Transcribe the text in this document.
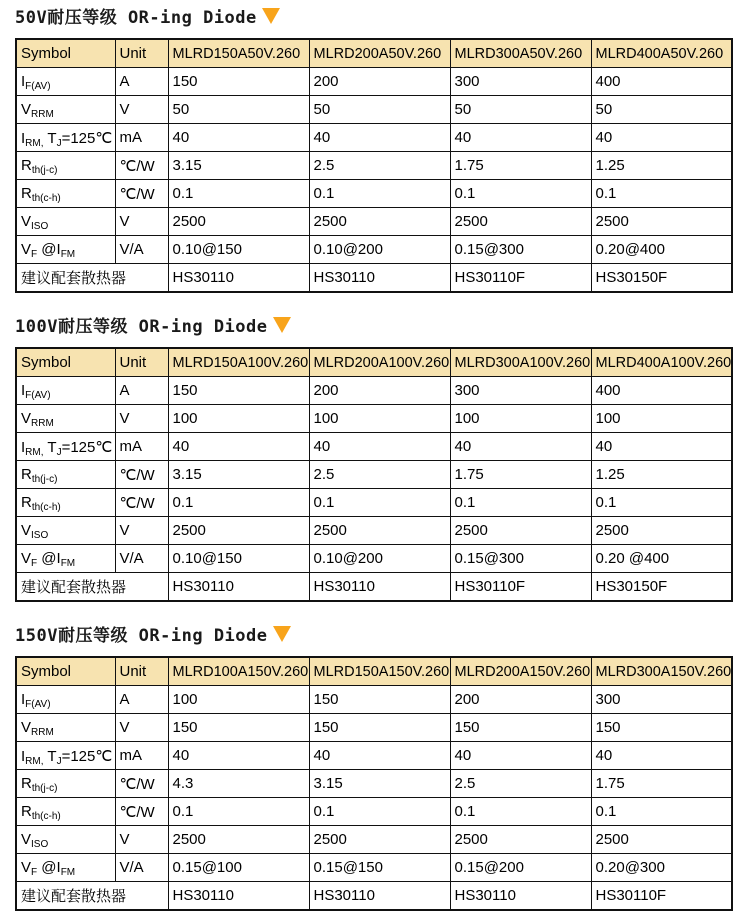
50V耐压等级 OR-ing Diode
Symbol	Unit	MLRD150A50V.260	MLRD200A50V.260	MLRD300A50V.260	MLRD400A50V.260
$I_{F(AV)}$	A	150	200	300	400
$V_{RRM}$	V	50	50	50	50
$I_{RM,}$ $T_J=125℃$	mA	40	40	40	40
$R_{th(j-c)}$	℃/W	3.15	2.5	1.75	1.25
$R_{th(c-h)}$	℃/W	0.1	0.1	0.1	0.1
$V_{ISO}$	V	2500	2500	2500	2500
$V_F$ $@I_{FM}$	V/A	0.10@150	0.10@200	0.15@300	0.20@400
建议配套散热器		HS30110	HS30110	HS30110F	HS30150F
100V耐压等级 OR-ing Diode
Symbol	Unit	MLRD150A100V.260	MLRD200A100V.260	MLRD300A100V.260	MLRD400A100V.260
$I_{F(AV)}$	A	150	200	300	400
$V_{RRM}$	V	100	100	100	100
$I_{RM,}$ $T_J=125℃$	mA	40	40	40	40
$R_{th(j-c)}$	℃/W	3.15	2.5	1.75	1.25
$R_{th(c-h)}$	℃/W	0.1	0.1	0.1	0.1
$V_{ISO}$	V	2500	2500	2500	2500
$V_F$ $@I_{FM}$	V/A	0.10@150	0.10@200	0.15@300	0.20 @400
建议配套散热器		HS30110	HS30110	HS30110F	HS30150F
150V耐压等级 OR-ing Diode
Symbol	Unit	MLRD100A150V.260	MLRD150A150V.260	MLRD200A150V.260	MLRD300A150V.260
$I_{F(AV)}$	A	100	150	200	300
$V_{RRM}$	V	150	150	150	150
$I_{RM,}$ $T_J=125℃$	mA	40	40	40	40
$R_{th(j-c)}$	℃/W	4.3	3.15	2.5	1.75
$R_{th(c-h)}$	℃/W	0.1	0.1	0.1	0.1
$V_{ISO}$	V	2500	2500	2500	2500
$V_F$ $@I_{FM}$	V/A	0.15@100	0.15@150	0.15@200	0.20@300
建议配套散热器		HS30110	HS30110	HS30110	HS30110F
